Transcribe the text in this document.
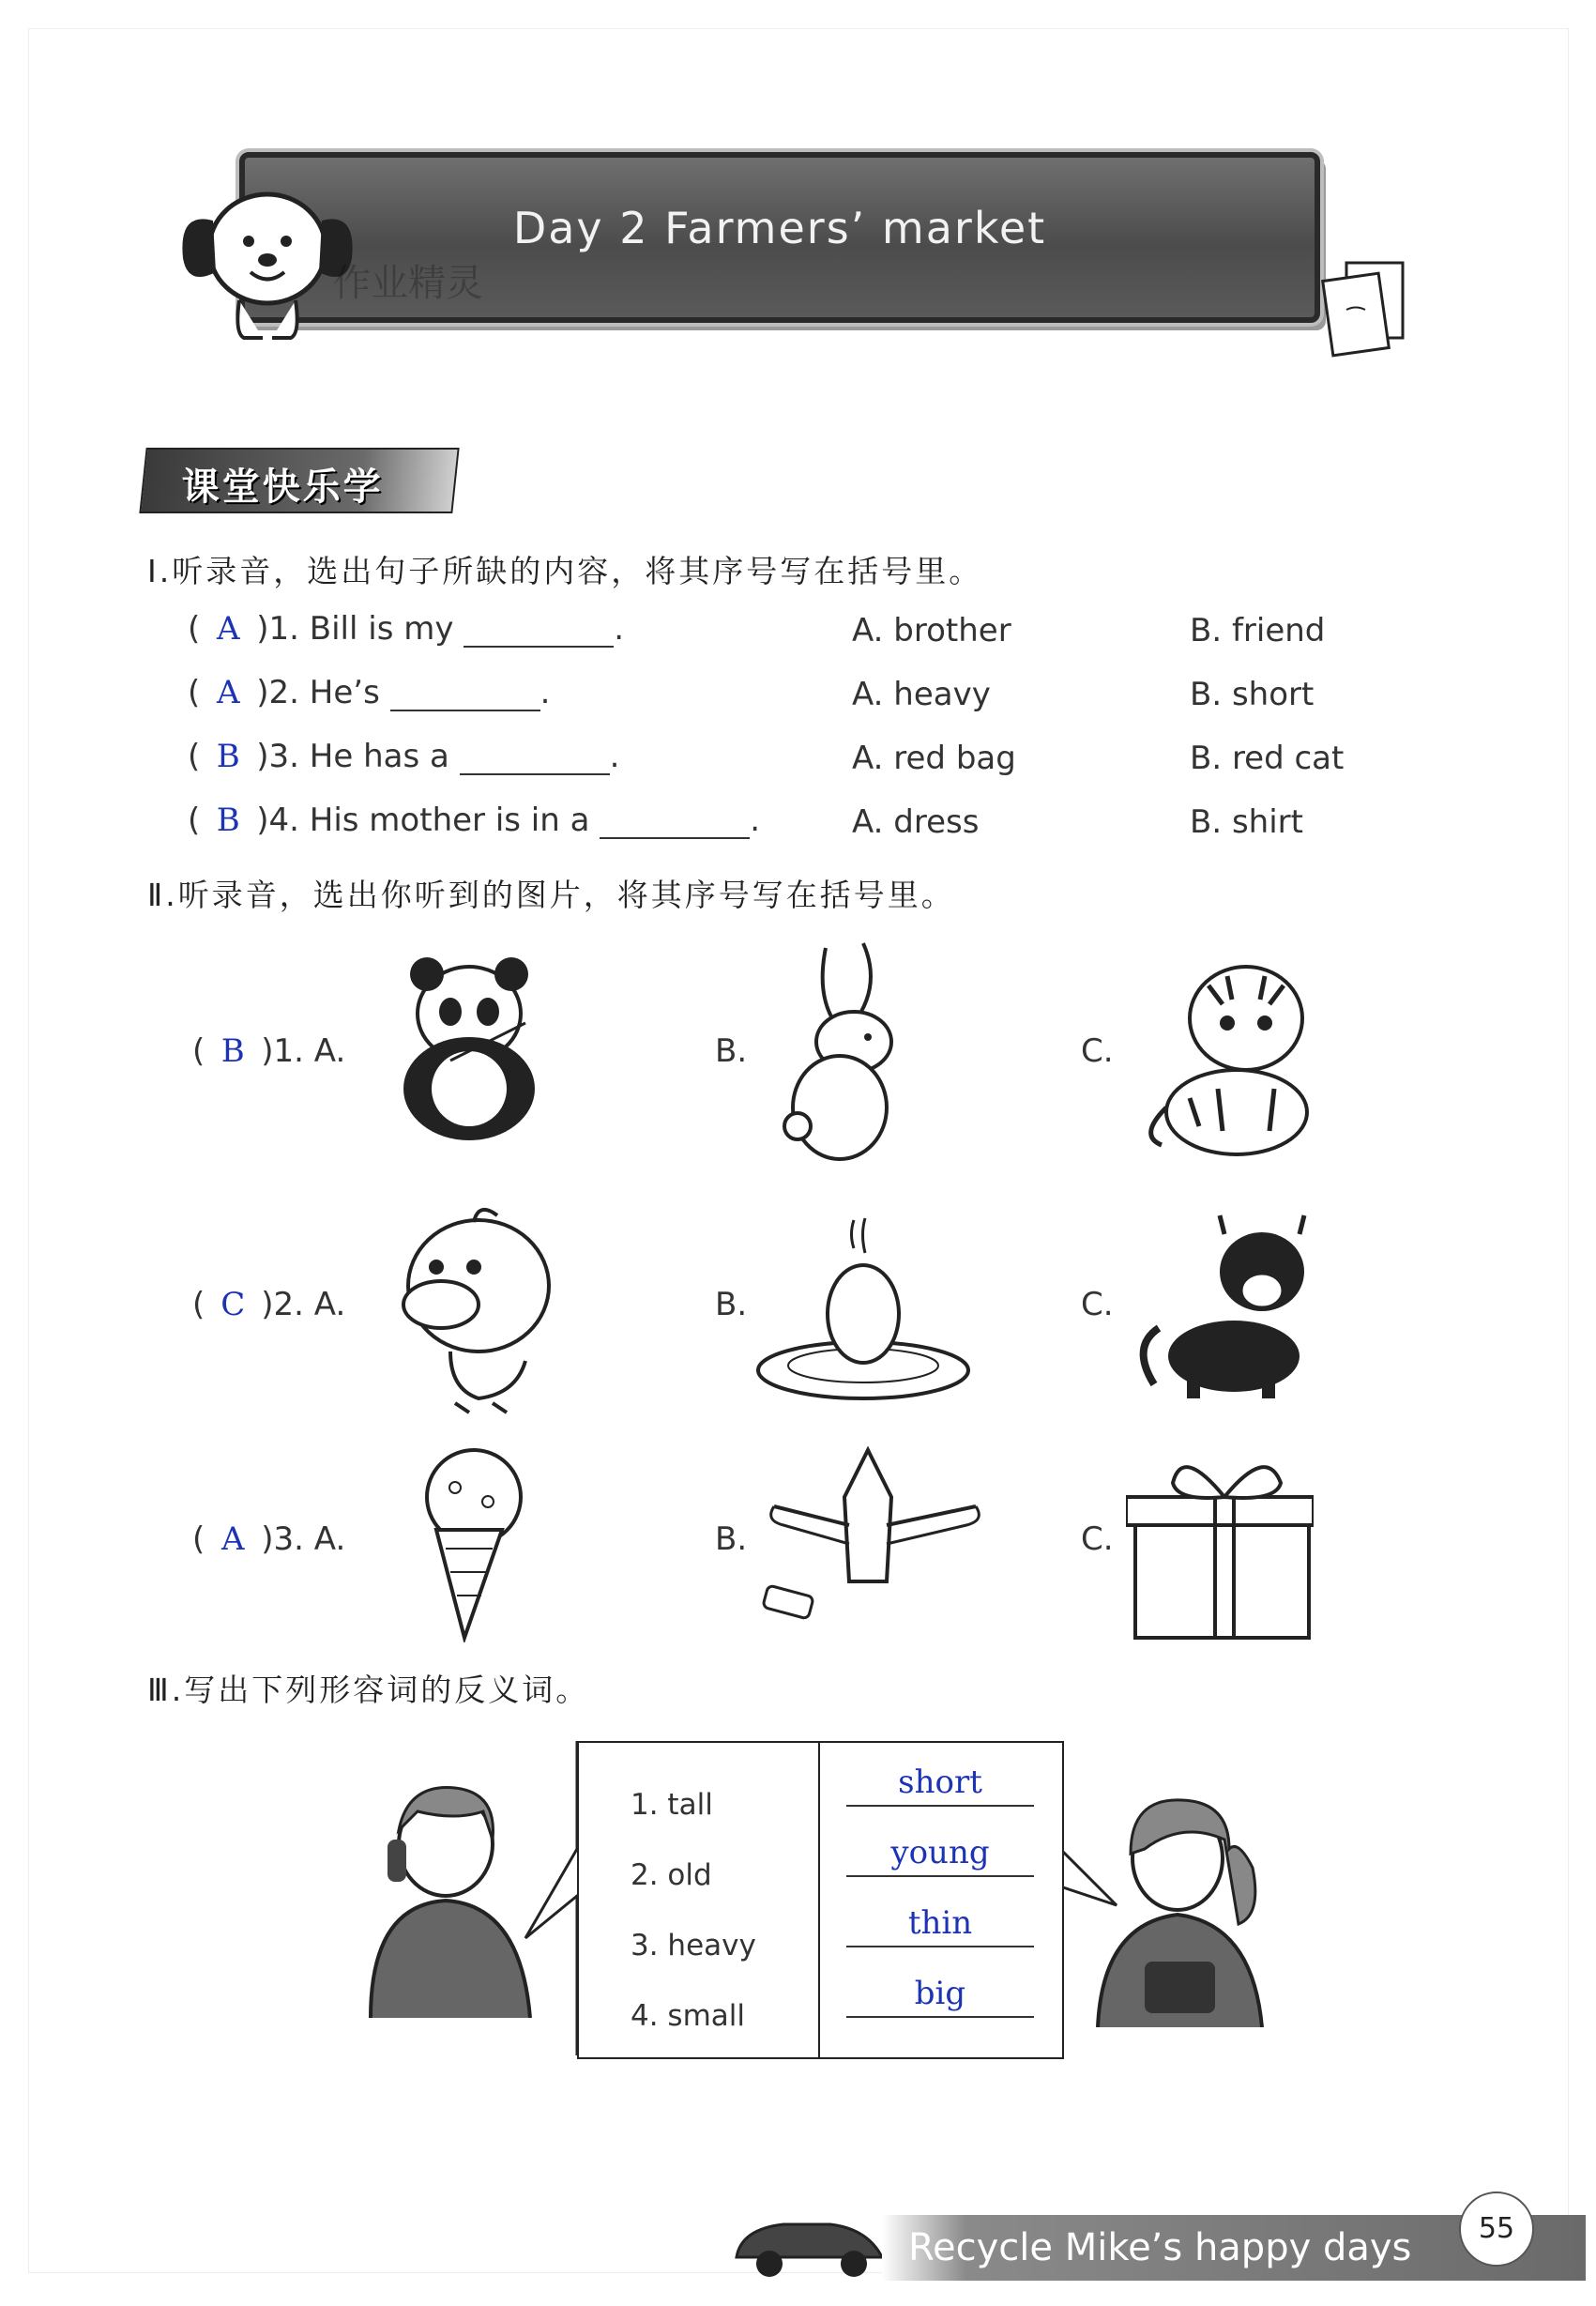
Day 2 Farmers’ market
作业精灵
课堂快乐学
Ⅰ.听录音，选出句子所缺的内容，将其序号写在括号里。
( A )1. Bill is my	.	A. brother	B. friend
( A )2. He’s	.	A. heavy	B. short
( B )3. He has a	.	A. red bag	B. red cat
( B )4. His mother is in a	.	A. dress	B. shirt
Ⅱ.听录音，选出你听到的图片，将其序号写在括号里。
( B )1. A.	B.	C.
( C )2. A.	B.	C.
( A )3. A.	B.	C.
Ⅲ.写出下列形容词的反义词。
1. tall
short
2. old
young
3. heavy
thin
4. small
big
Recycle Mike’s happy days	55
